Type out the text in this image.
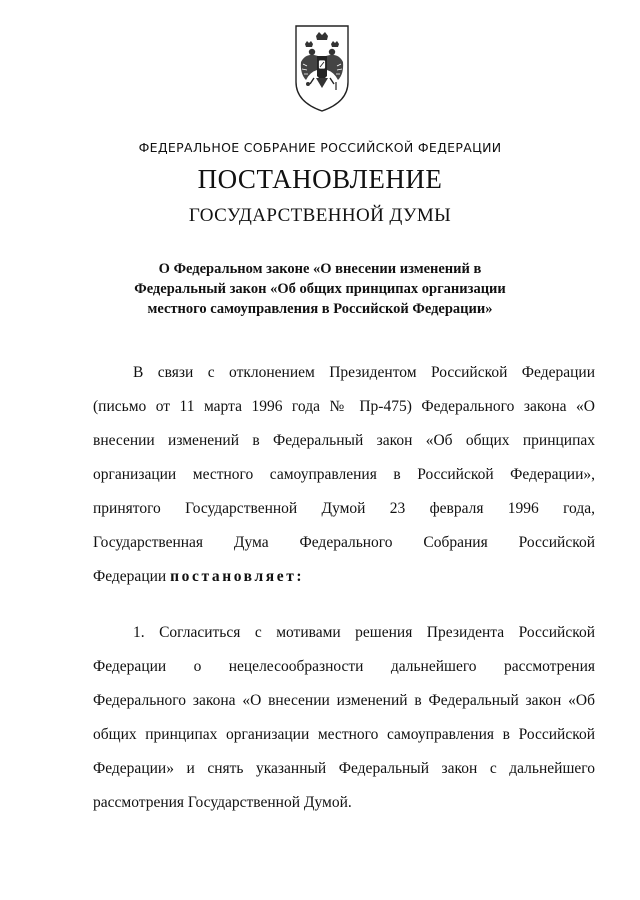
ФЕДЕРАЛЬНОЕ СОБРАНИЕ РОССИЙСКОЙ ФЕДЕРАЦИИ
ПОСТАНОВЛЕНИЕ
ГОСУДАРСТВЕННОЙ ДУМЫ
О Федеральном законе «О внесении изменений в
Федеральный закон «Об общих принципах организации
местного самоуправления в Российской Федерации»
В связи с отклонением Президентом Российской Федерации
(письмо от 11 марта 1996 года № Пр-475) Федерального закона «О
внесении изменений в Федеральный закон «Об общих принципах
организации местного самоуправления в Российской Федерации»,
принятого Государственной Думой 23 февраля 1996 года,
Государственная Дума Федерального Собрания Российской
Федерации постановляет:
1. Согласиться с мотивами решения Президента Российской
Федерации о нецелесообразности дальнейшего рассмотрения
Федерального закона «О внесении изменений в Федеральный закон «Об
общих принципах организации местного самоуправления в Российской
Федерации» и снять указанный Федеральный закон с дальнейшего
рассмотрения Государственной Думой.
